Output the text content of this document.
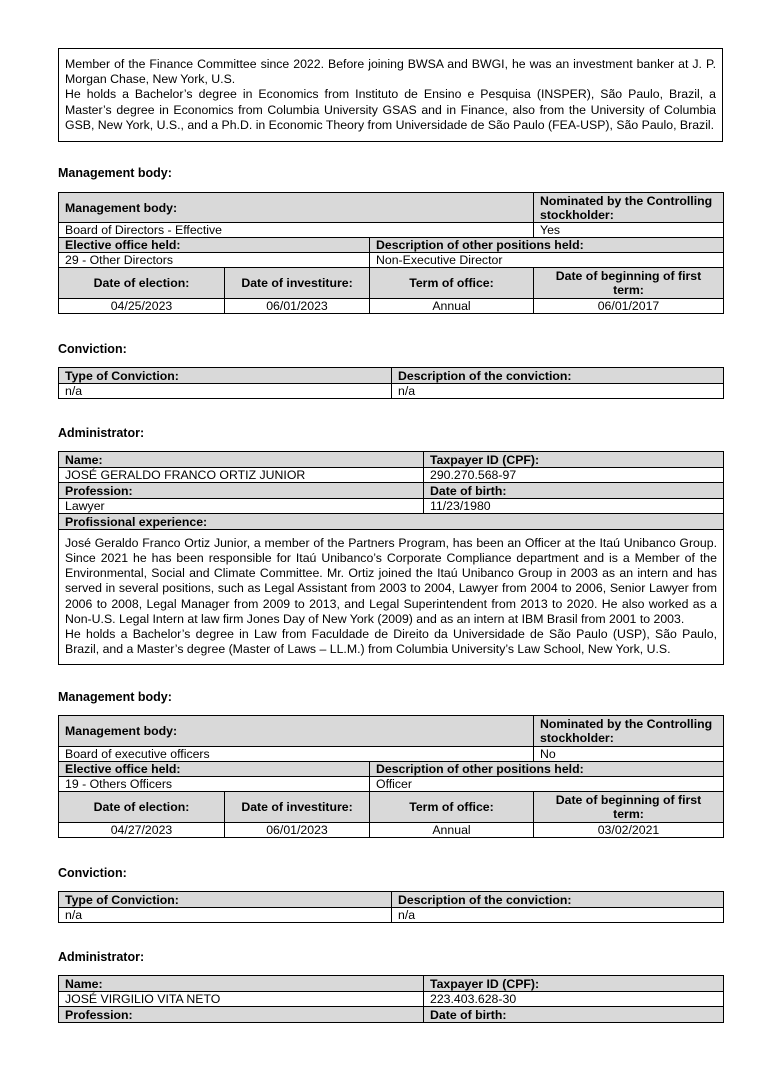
Member of the Finance Committee since 2022. Before joining BWSA and BWGI, he was an investment banker at J. P. Morgan Chase, New York, U.S.
He holds a Bachelor’s degree in Economics from Instituto de Ensino e Pesquisa (INSPER), São Paulo, Brazil, a Master’s degree in Economics from Columbia University GSAS and in Finance, also from the University of Columbia GSB, New York, U.S., and a Ph.D. in Economic Theory from Universidade de São Paulo (FEA-USP), São Paulo, Brazil.
Management body:
Management body:			Nominated by the Controlling stockholder:
Board of Directors - Effective			Yes
Elective office held:		Description of other positions held:	
29 - Other Directors		Non-Executive Director	
Date of election:	Date of investiture:	Term of office:	Date of beginning of first term:
04/25/2023	06/01/2023	Annual	06/01/2017
Conviction:
Type of Conviction:	Description of the conviction:
n/a	n/a
Administrator:
Name:	Taxpayer ID (CPF):
JOSÉ GERALDO FRANCO ORTIZ JUNIOR	290.270.568-97
Profession:	Date of birth:
Lawyer	11/23/1980
Profissional experience:	

José Geraldo Franco Ortiz Junior, a member of the Partners Program, has been an Officer at the Itaú Unibanco Group. Since 2021 he has been responsible for Itaú Unibanco’s Corporate Compliance department and is a Member of the Environmental, Social and Climate Committee. Mr. Ortiz joined the Itaú Unibanco Group in 2003 as an intern and has served in several positions, such as Legal Assistant from 2003 to 2004, Lawyer from 2004 to 2006, Senior Lawyer from 2006 to 2008, Legal Manager from 2009 to 2013, and Legal Superintendent from 2013 to 2020. He also worked as a Non-U.S. Legal Intern at law firm Jones Day of New York (2009) and as an intern at IBM Brasil from 2001 to 2003.
He holds a Bachelor’s degree in Law from Faculdade de Direito da Universidade de São Paulo (USP), São Paulo, Brazil, and a Master’s degree (Master of Laws – LL.M.) from Columbia University’s Law School, New York, U.S.	
Management body:
Management body:			Nominated by the Controlling stockholder:
Board of executive officers			No
Elective office held:		Description of other positions held:	
19 - Others Officers		Officer	
Date of election:	Date of investiture:	Term of office:	Date of beginning of first term:
04/27/2023	06/01/2023	Annual	03/02/2021
Conviction:
Type of Conviction:	Description of the conviction:
n/a	n/a
Administrator:
Name:	Taxpayer ID (CPF):
JOSÉ VIRGILIO VITA NETO	223.403.628-30
Profession:	Date of birth:
